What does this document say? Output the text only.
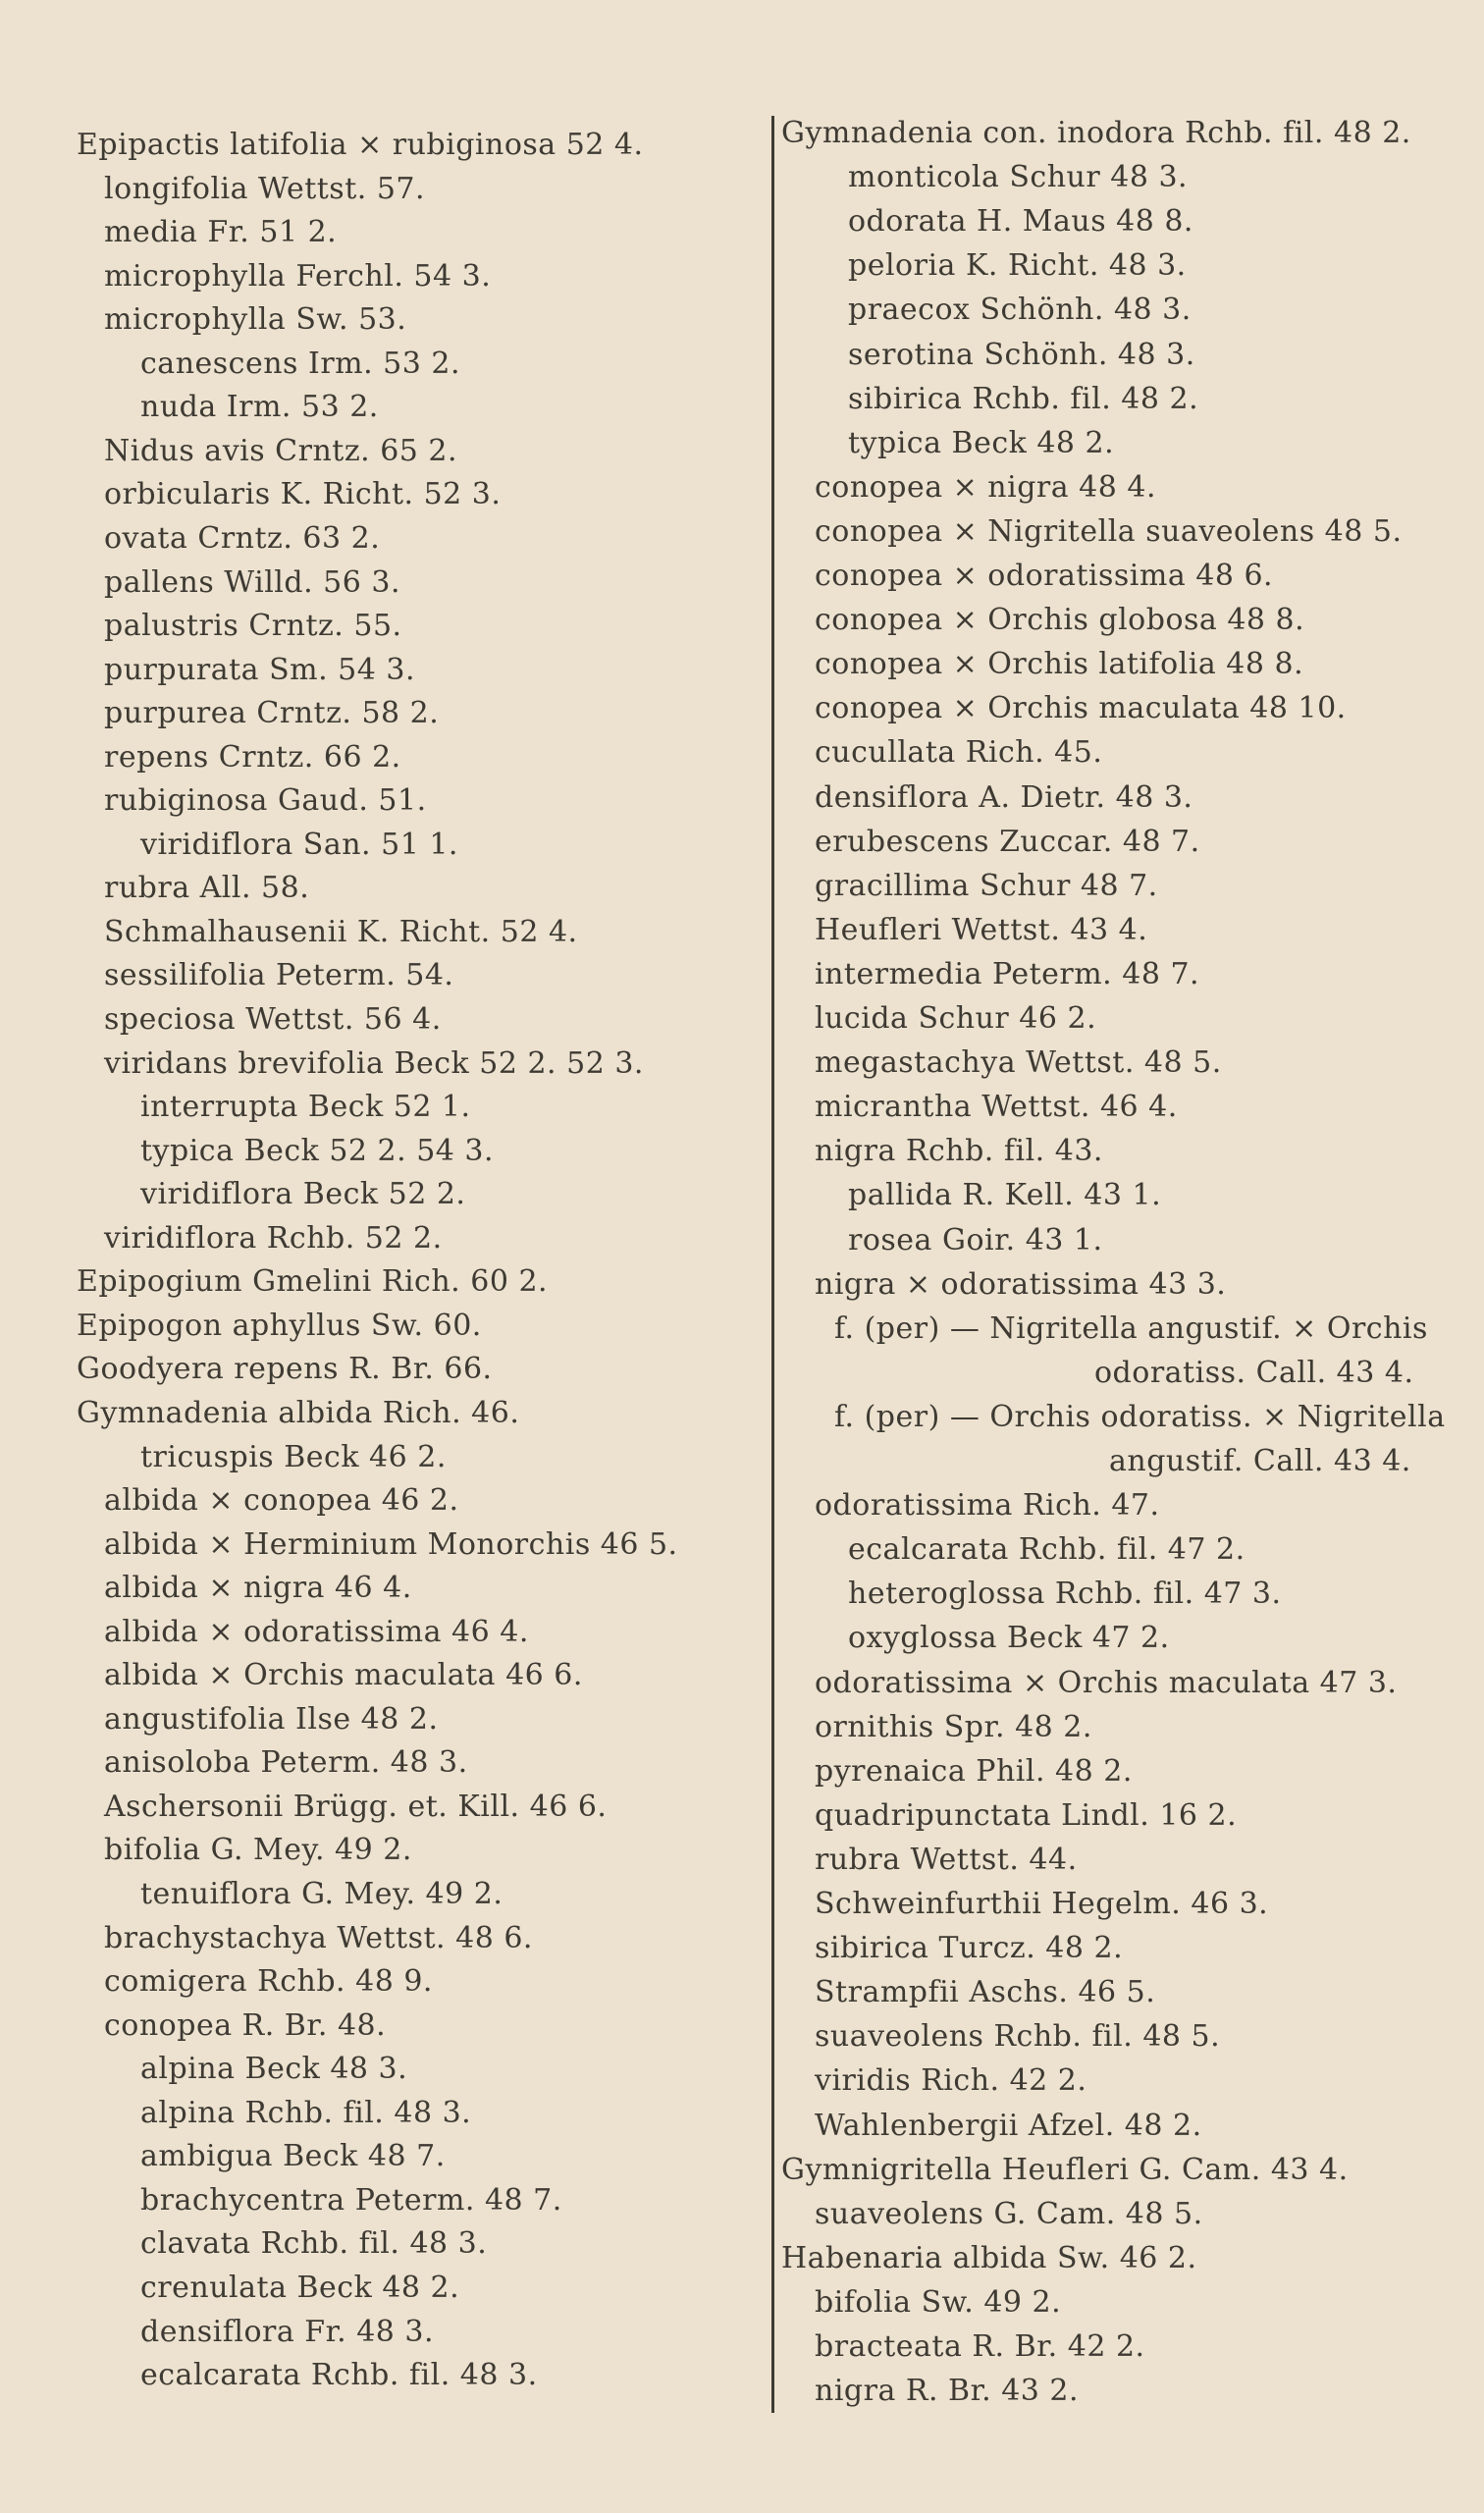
Epipactis latifolia × rubiginosa 52 4.
longifolia Wettst. 57.
media Fr. 51 2.
microphylla Ferchl. 54 3.
microphylla Sw. 53.
canescens Irm. 53 2.
nuda Irm. 53 2.
Nidus avis Crntz. 65 2.
orbicularis K. Richt. 52 3.
ovata Crntz. 63 2.
pallens Willd. 56 3.
palustris Crntz. 55.
purpurata Sm. 54 3.
purpurea Crntz. 58 2.
repens Crntz. 66 2.
rubiginosa Gaud. 51.
viridiflora San. 51 1.
rubra All. 58.
Schmalhausenii K. Richt. 52 4.
sessilifolia Peterm. 54.
speciosa Wettst. 56 4.
viridans brevifolia Beck 52 2. 52 3.
interrupta Beck 52 1.
typica Beck 52 2. 54 3.
viridiflora Beck 52 2.
viridiflora Rchb. 52 2.
Epipogium Gmelini Rich. 60 2.
Epipogon aphyllus Sw. 60.
Goodyera repens R. Br. 66.
Gymnadenia albida Rich. 46.
tricuspis Beck 46 2.
albida × conopea 46 2.
albida × Herminium Monorchis 46 5.
albida × nigra 46 4.
albida × odoratissima 46 4.
albida × Orchis maculata 46 6.
angustifolia Ilse 48 2.
anisoloba Peterm. 48 3.
Aschersonii Brügg. et. Kill. 46 6.
bifolia G. Mey. 49 2.
tenuiflora G. Mey. 49 2.
brachystachya Wettst. 48 6.
comigera Rchb. 48 9.
conopea R. Br. 48.
alpina Beck 48 3.
alpina Rchb. fil. 48 3.
ambigua Beck 48 7.
brachycentra Peterm. 48 7.
clavata Rchb. fil. 48 3.
crenulata Beck 48 2.
densiflora Fr. 48 3.
ecalcarata Rchb. fil. 48 3.
Gymnadenia con. inodora Rchb. fil. 48 2.
monticola Schur 48 3.
odorata H. Maus 48 8.
peloria K. Richt. 48 3.
praecox Schönh. 48 3.
serotina Schönh. 48 3.
sibirica Rchb. fil. 48 2.
typica Beck 48 2.
conopea × nigra 48 4.
conopea × Nigritella suaveolens 48 5.
conopea × odoratissima 48 6.
conopea × Orchis globosa 48 8.
conopea × Orchis latifolia 48 8.
conopea × Orchis maculata 48 10.
cucullata Rich. 45.
densiflora A. Dietr. 48 3.
erubescens Zuccar. 48 7.
gracillima Schur 48 7.
Heufleri Wettst. 43 4.
intermedia Peterm. 48 7.
lucida Schur 46 2.
megastachya Wettst. 48 5.
micrantha Wettst. 46 4.
nigra Rchb. fil. 43.
pallida R. Kell. 43 1.
rosea Goir. 43 1.
nigra × odoratissima 43 3.
f. (per) — Nigritella angustif. × Orchis
odoratiss. Call. 43 4.
f. (per) — Orchis odoratiss. × Nigritella
angustif. Call. 43 4.
odoratissima Rich. 47.
ecalcarata Rchb. fil. 47 2.
heteroglossa Rchb. fil. 47 3.
oxyglossa Beck 47 2.
odoratissima × Orchis maculata 47 3.
ornithis Spr. 48 2.
pyrenaica Phil. 48 2.
quadripunctata Lindl. 16 2.
rubra Wettst. 44.
Schweinfurthii Hegelm. 46 3.
sibirica Turcz. 48 2.
Strampfii Aschs. 46 5.
suaveolens Rchb. fil. 48 5.
viridis Rich. 42 2.
Wahlenbergii Afzel. 48 2.
Gymnigritella Heufleri G. Cam. 43 4.
suaveolens G. Cam. 48 5.
Habenaria albida Sw. 46 2.
bifolia Sw. 49 2.
bracteata R. Br. 42 2.
nigra R. Br. 43 2.
